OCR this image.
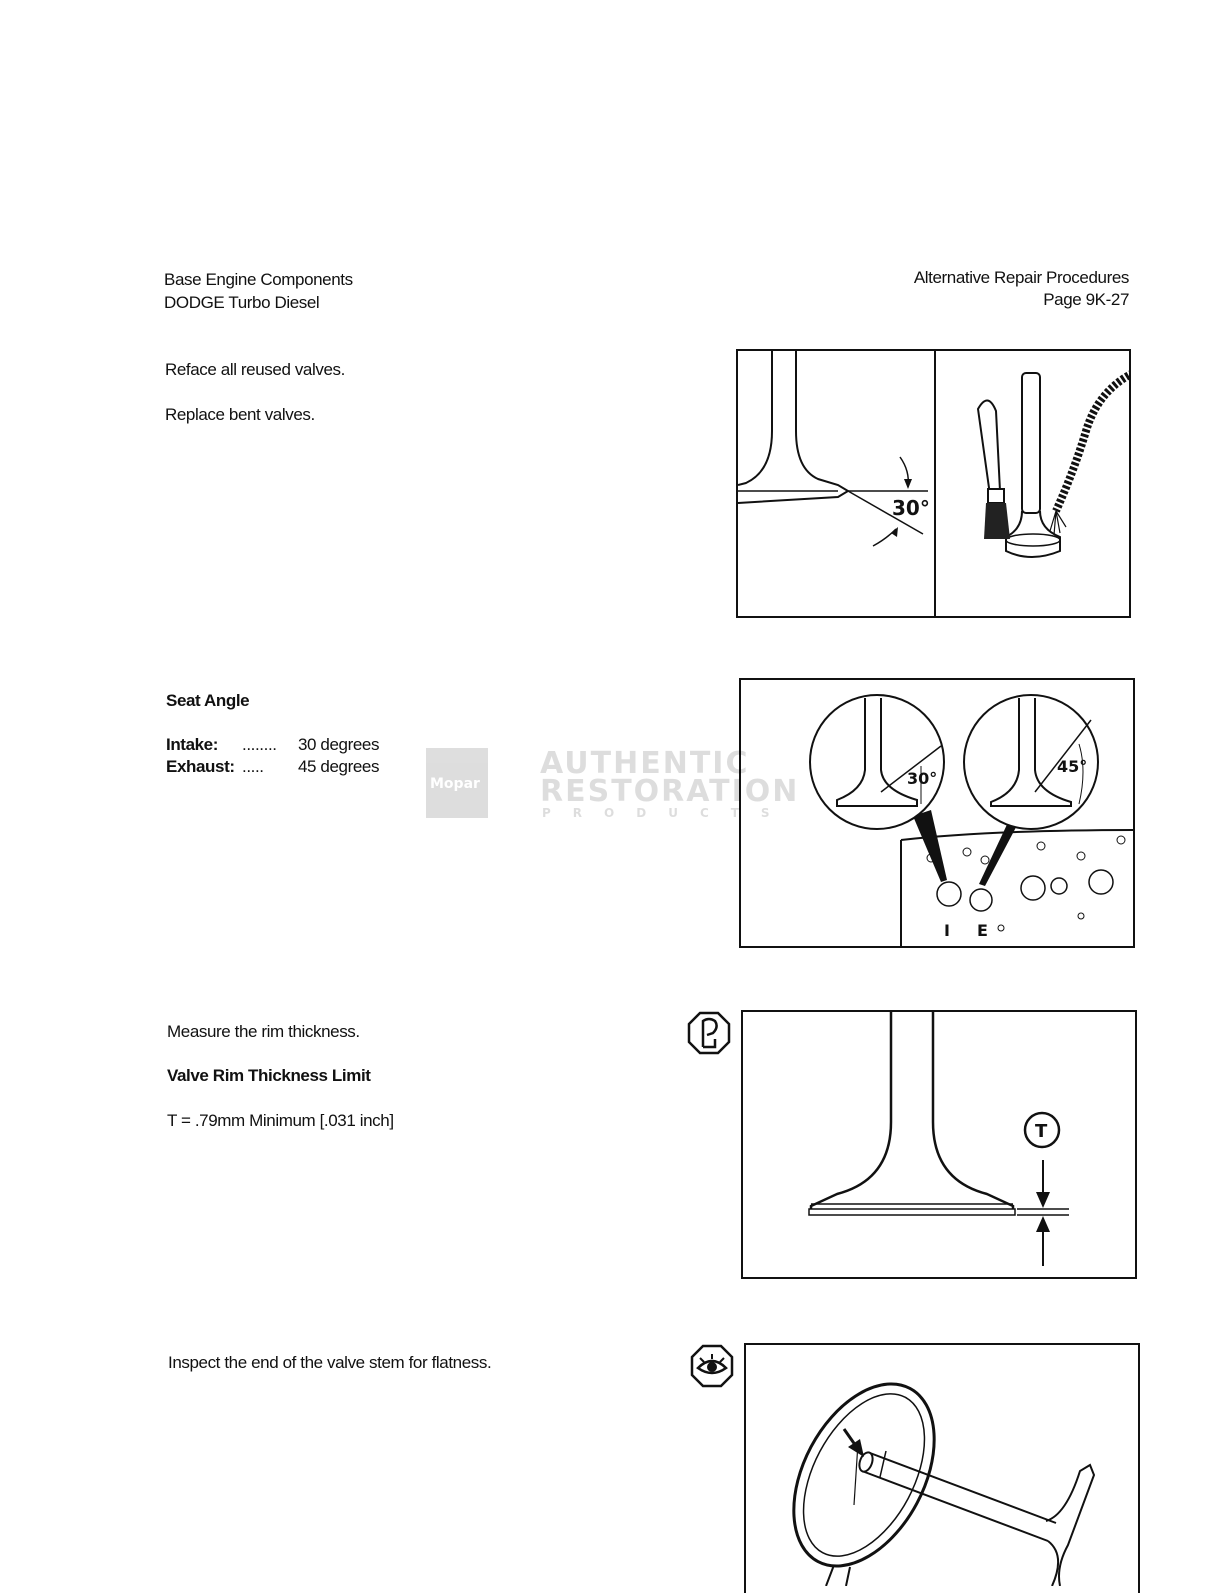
Base Engine Components
DODGE Turbo Diesel
Alternative Repair Procedures
Page 9K-27
Reface all reused valves.
Replace bent valves.
30°
Seat Angle
Intake: ........ 30 degrees
Exhaust: ..... 45 degrees
I E
30°
45°
Mopar
AUTHENTIC
RESTORATION
PRODUCTS
Measure the rim thickness.
Valve Rim Thickness Limit
T = .79mm Minimum [.031 inch]
T
Inspect the end of the valve stem for flatness.
